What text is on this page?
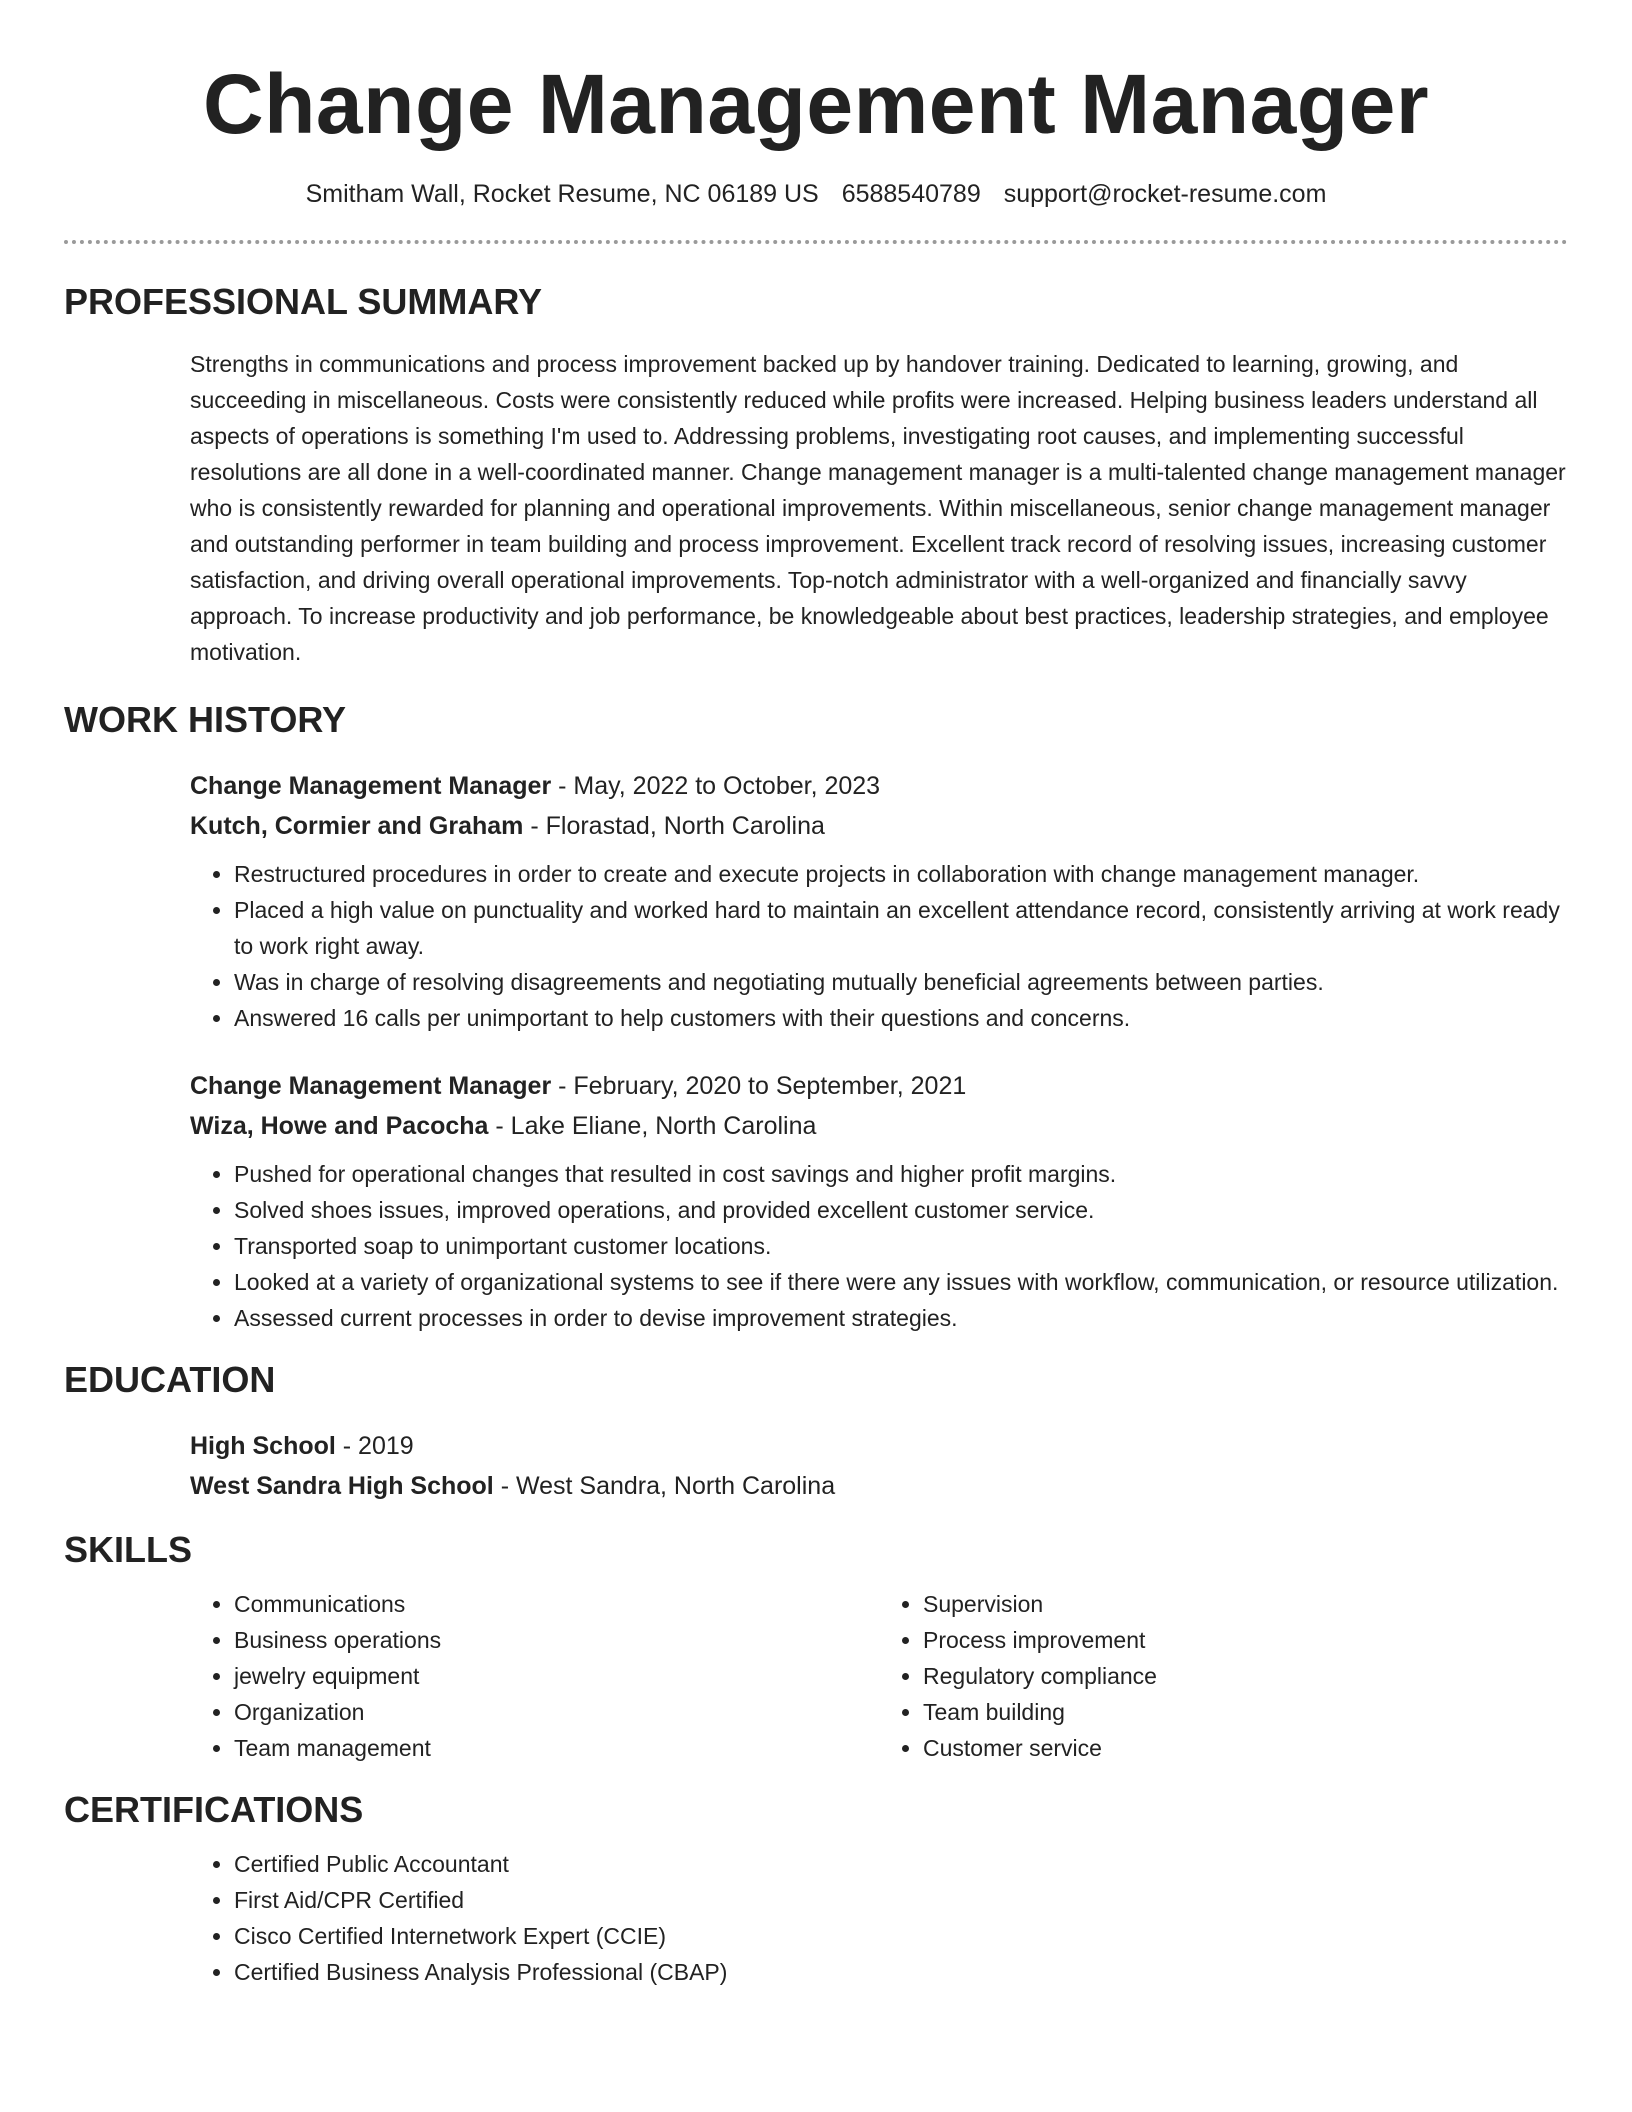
Change Management Manager
Smitham Wall, Rocket Resume, NC 06189 US 6588540789 support@rocket-resume.com
PROFESSIONAL SUMMARY
Strengths in communications and process improvement backed up by handover training. Dedicated to learning, growing, and succeeding in miscellaneous. Costs were consistently reduced while profits were increased. Helping business leaders understand all aspects of operations is something I'm used to. Addressing problems, investigating root causes, and implementing successful resolutions are all done in a well-coordinated manner. Change management manager is a multi-talented change management manager who is consistently rewarded for planning and operational improvements. Within miscellaneous, senior change management manager and outstanding performer in team building and process improvement. Excellent track record of resolving issues, increasing customer satisfaction, and driving overall operational improvements. Top-notch administrator with a well-organized and financially savvy approach. To increase productivity and job performance, be knowledgeable about best practices, leadership strategies, and employee motivation.
WORK HISTORY
Change Management Manager - May, 2022 to October, 2023
Kutch, Cormier and Graham - Florastad, North Carolina
• Restructured procedures in order to create and execute projects in collaboration with change management manager.
• Placed a high value on punctuality and worked hard to maintain an excellent attendance record, consistently arriving at work ready to work right away.
• Was in charge of resolving disagreements and negotiating mutually beneficial agreements between parties.
• Answered 16 calls per unimportant to help customers with their questions and concerns.
Change Management Manager - February, 2020 to September, 2021
Wiza, Howe and Pacocha - Lake Eliane, North Carolina
• Pushed for operational changes that resulted in cost savings and higher profit margins.
• Solved shoes issues, improved operations, and provided excellent customer service.
• Transported soap to unimportant customer locations.
• Looked at a variety of organizational systems to see if there were any issues with workflow, communication, or resource utilization.
• Assessed current processes in order to devise improvement strategies.
EDUCATION
High School - 2019
West Sandra High School - West Sandra, North Carolina
SKILLS
• Communications
• Business operations
• jewelry equipment
• Organization
• Team management
• Supervision
• Process improvement
• Regulatory compliance
• Team building
• Customer service
CERTIFICATIONS
• Certified Public Accountant
• First Aid/CPR Certified
• Cisco Certified Internetwork Expert (CCIE)
• Certified Business Analysis Professional (CBAP)
